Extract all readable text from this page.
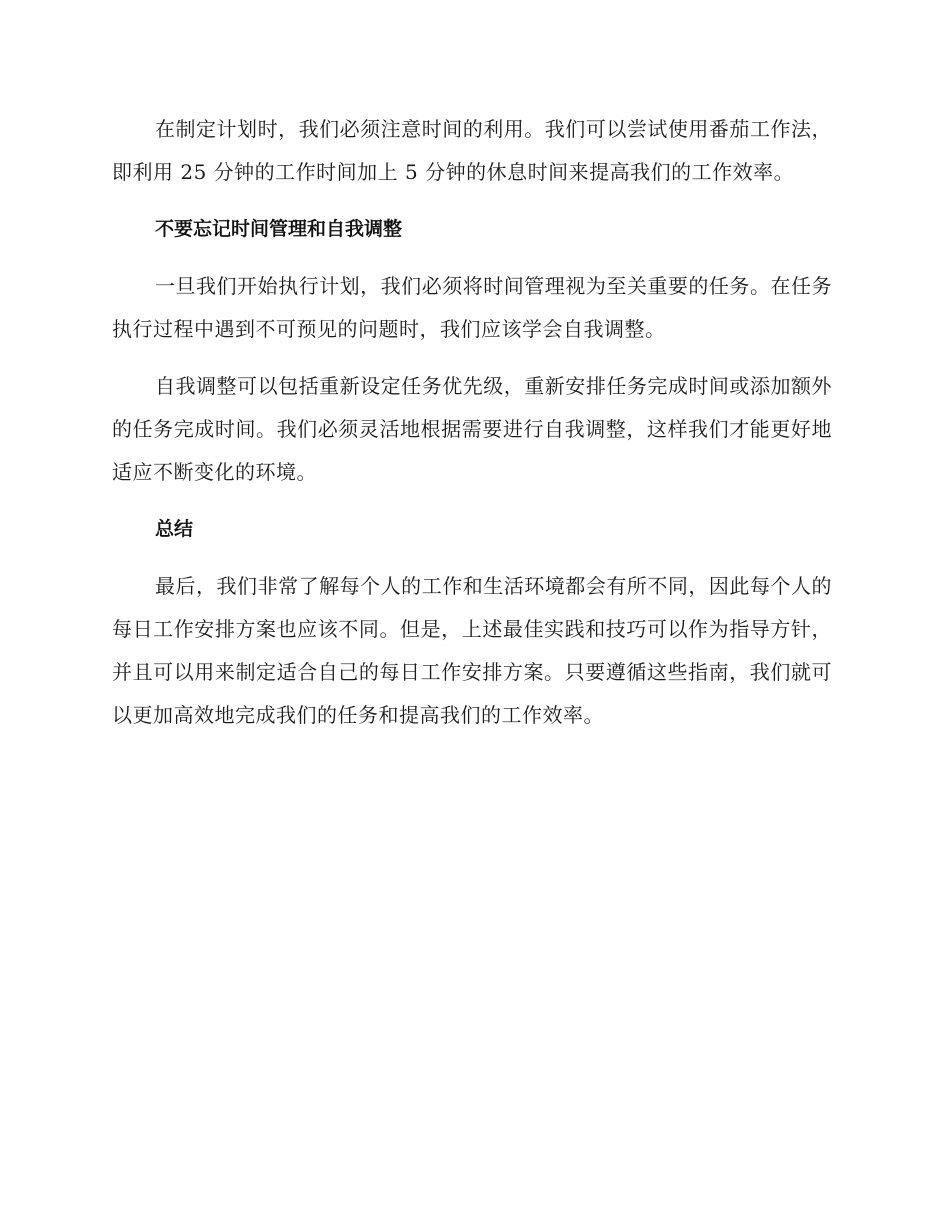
在制定计划时，我们必须注意时间的利用。我们可以尝试使用番茄工作法，即利用 25 分钟的工作时间加上 5 分钟的休息时间来提高我们的工作效率。

不要忘记时间管理和自我调整

一旦我们开始执行计划，我们必须将时间管理视为至关重要的任务。在任务执行过程中遇到不可预见的问题时，我们应该学会自我调整。

自我调整可以包括重新设定任务优先级，重新安排任务完成时间或添加额外的任务完成时间。我们必须灵活地根据需要进行自我调整，这样我们才能更好地适应不断变化的环境。

总结

最后，我们非常了解每个人的工作和生活环境都会有所不同，因此每个人的每日工作安排方案也应该不同。但是，上述最佳实践和技巧可以作为指导方针，并且可以用来制定适合自己的每日工作安排方案。只要遵循这些指南，我们就可以更加高效地完成我们的任务和提高我们的工作效率。
